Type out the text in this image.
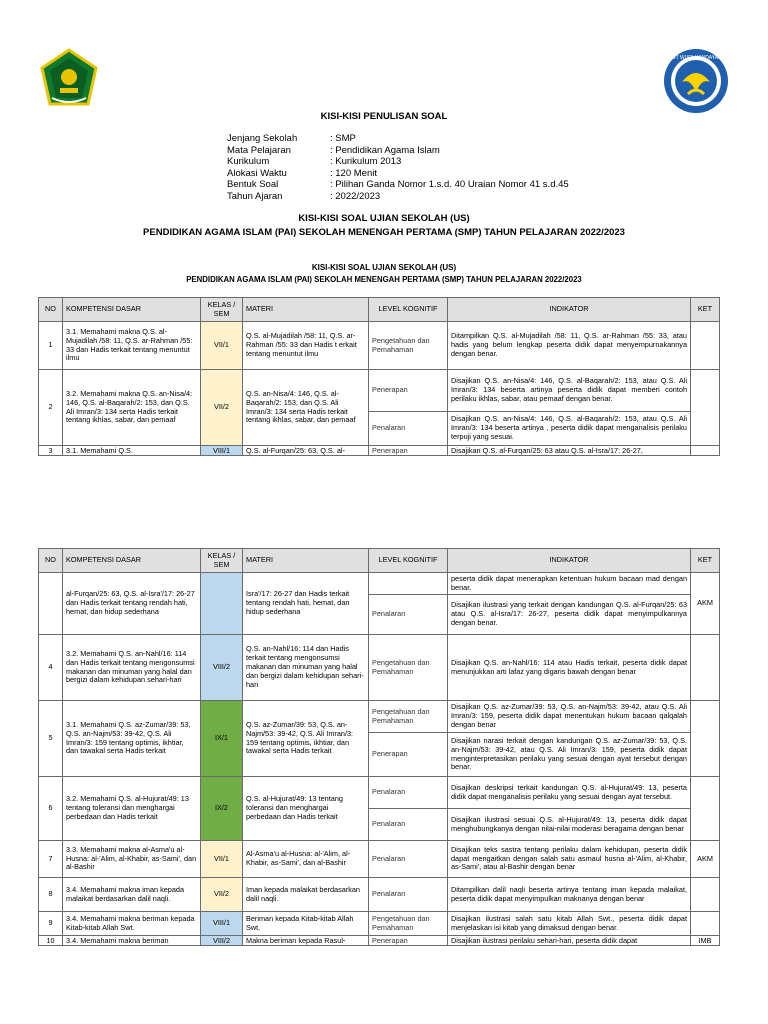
TUT WURI HANDAYANI
KISI-KISI PENULISAN SOAL
Jenjang Sekolah	: SMP
Mata Pelajaran	: Pendidikan Agama Islam
Kurikulum	: Kurikulum 2013
Alokasi Waktu	: 120 Menit
Bentuk Soal	: Pilihan Ganda Nomor 1.s.d. 40 Uraian Nomor 41 s.d.45
Tahun Ajaran	: 2022/2023
KISI-KISI SOAL UJIAN SEKOLAH (US)
PENDIDIKAN AGAMA ISLAM (PAI) SEKOLAH MENENGAH PERTAMA (SMP) TAHUN PELAJARAN 2022/2023
KISI-KISI SOAL UJIAN SEKOLAH (US)
PENDIDIKAN AGAMA ISLAM (PAI) SEKOLAH MENENGAH PERTAMA (SMP) TAHUN PELAJARAN 2022/2023
NO	KOMPETENSI DASAR	KELAS / SEM	MATERI	LEVEL KOGNITIF	INDIKATOR	KET
1	3.1. Memahami makna Q.S. al-Mujadilah /58: 11, Q.S. ar-Rahman /55: 33 dan Hadis terkait tentang menuntut ilmu	VII/1	Q.S. al-Mujadilah /58: 11, Q.S. ar-Rahman /55: 33 dan Hadis t erkait tentang menuntut ilmu	Pengetahuan dan Pemahaman	Ditampilkan Q.S. al-Mujadilah /58: 11, Q.S. ar-Rahman /55: 33, atau hadis yang belum lengkap peserta didik dapat menyempurnakannya dengan benar.	
2	3.2. Memahami makna Q.S. an-Nisa/4: 146, Q.S. al-Baqarah/2: 153, dan Q.S. Ali Imran/3: 134 serta Hadis terkait tentang ikhlas, sabar, dan pemaaf	VII/2	Q.S. an-Nisa/4: 146, Q.S. al-Baqarah/2: 153, dan Q.S. Ali Imran/3: 134 serta Hadis terkait tentang ikhlas, sabar, dan pemaaf	Penerapan	Disajikan Q.S. an-Nisa/4: 146, Q.S. al-Baqarah/2: 153, atau Q.S. Ali Imran/3: 134 beserta artinya peserta didik dapat memberi contoh perilaku ikhlas, sabar, atau pemaaf dengan benar.	
				Penalaran	Disajikan Q.S. an-Nisa/4: 146, Q.S. al-Baqarah/2: 153, atau Q.S. Ali Imran/3: 134 beserta artinya , peserta didik dapat menganalisis perilaku terpuji yang sesuai.	
3	3.1. Memahami Q.S.	VIII/1	Q.S. al-Furqan/25: 63, Q.S. al-	Penerapan	Disajikan Q.S. al-Furqan/25: 63 atau Q.S. al-Isra/17: 26-27,	
NO	KOMPETENSI DASAR	KELAS / SEM	MATERI	LEVEL KOGNITIF	INDIKATOR	KET
	al-Furqan/25: 63, Q.S. al-Isra'/17: 26-27 dan Hadis terkait tentang rendah hati, hemat, dan hidup sederhana		Isra'/17: 26-27 dan Hadis terkait tentang rendah hati, hemat, dan hidup sederhana		peserta didik dapat menerapkan ketentuan hukum bacaan mad dengan benar.	AKM
				Penalaran	Disajikan ilustrasi yang terkait dengan kandungan Q.S. al-Furqan/25: 63 atau Q.S. al-Isra/17: 26-27, peserta didik dapat menyimpulkannya dengan benar.	
4	3.2. Memahami Q.S. an-Nahl/16: 114 dan Hadis terkait tentang mengonsumsi makanan dan minuman yang halal dan bergizi dalam kehidupan sehari-hari	VIII/2	Q.S. an-Nahl/16: 114 dan Hadis terkait tentang mengonsumsi makanan dan minuman yang halal dan bergizi dalam kehidupan sehari-hari	Pengetahuan dan Pemahaman	Disajikan Q.S. an-Nahl/16: 114 atau Hadis terkait, peserta didik dapat menunjukkan arti lafaz yang digaris bawah dengan benar	
5	3.1. Memahami Q.S. az-Zumar/39: 53, Q.S. an-Najm/53: 39-42, Q.S. Ali Imran/3: 159 tentang optimis, ikhtiar, dan tawakal serta Hadis terkait	IX/1	Q.S. az-Zumar/39: 53, Q.S. an-Najm/53: 39-42, Q.S. Ali Imran/3: 159 tentang optimis, ikhtiar, dan tawakal serta Hadis terkait	Pengetahuan dan Pemahaman	Disajikan Q.S. az-Zumar/39: 53, Q.S. an-Najm/53: 39-42, atau Q.S. Ali Imran/3: 159, peserta didik dapat menentukan hukum bacaan qalqalah dengan benar	
				Penerapan	Disajikan narasi terkait dengan kandungan Q.S. az-Zumar/39: 53, Q.S. an-Najm/53: 39-42, atau Q.S. Ali Imran/3: 159, peserta didik dapat menginterpretasikan perilaku yang sesuai dengan ayat tersebut dengan benar.	
6	3.2. Memahami Q.S. al-Hujurat/49: 13 tentang toleransi dan menghargai perbedaan dan Hadis terkait	IX/2	Q.S. al-Hujurat/49: 13 tentang toleransi dan menghargai perbedaan dan Hadis terkait	Penalaran	Disajikan deskripsi terkait kandungan Q.S. al-Hujurat/49: 13, peserta didik dapat menganalisis perilaku yang sesuai dengan ayat tersebut.	
				Penalaran	Disajikan ilustrasi sesuai Q.S. al-Hujurat/49: 13, peserta didik dapat menghubungkanya dengan nilai-nilai moderasi beragama dengan benar	
7	3.3. Memahami makna al-Asma'u al-Husna: al-'Alim, al-Khabir, as-Sami', dan al-Bashir	VII/1	Al-Asma'u al-Husna: al-'Alim, al-Khabir, as-Sami', dan al-Bashir	Penalaran	Disajikan teks sastra tentang perilaku dalam kehidupan, peserta didik dapat mengaitkan dengan salah satu asmaul husna al-'Alim, al-Khabir, as-Sami', atau al-Bashir dengan benar	AKM
8	3.4. Memahami makna iman kepada malaikat berdasarkan dalil naqli.	VII/2	Iman kepada malaikat berdasarkan dalil naqli.	Penalaran	Ditampilkan dalil naqli beserta artinya tentang iman kepada malaikat, peserta didik dapat menyimpulkan maknanya dengan benar	
9	3.4. Memahami makna beriman kepada Kitab-kitab Allah Swt.	VIII/1	Beriman kepada Kitab-kitab Allah Swt.	Pengetahuan dan Pemahaman	Disajikan ilustrasi salah satu kitab Allah Swt., peserta didik dapat menjelaskan isi kitab yang dimaksud dengan benar.	
10	3.4. Memahami makna beriman	VIII/2	Makna beriman kepada Rasul-	Penerapan	Disajikan ilustrasi perilaku sehari-hari, peserta didik dapat	IMB
